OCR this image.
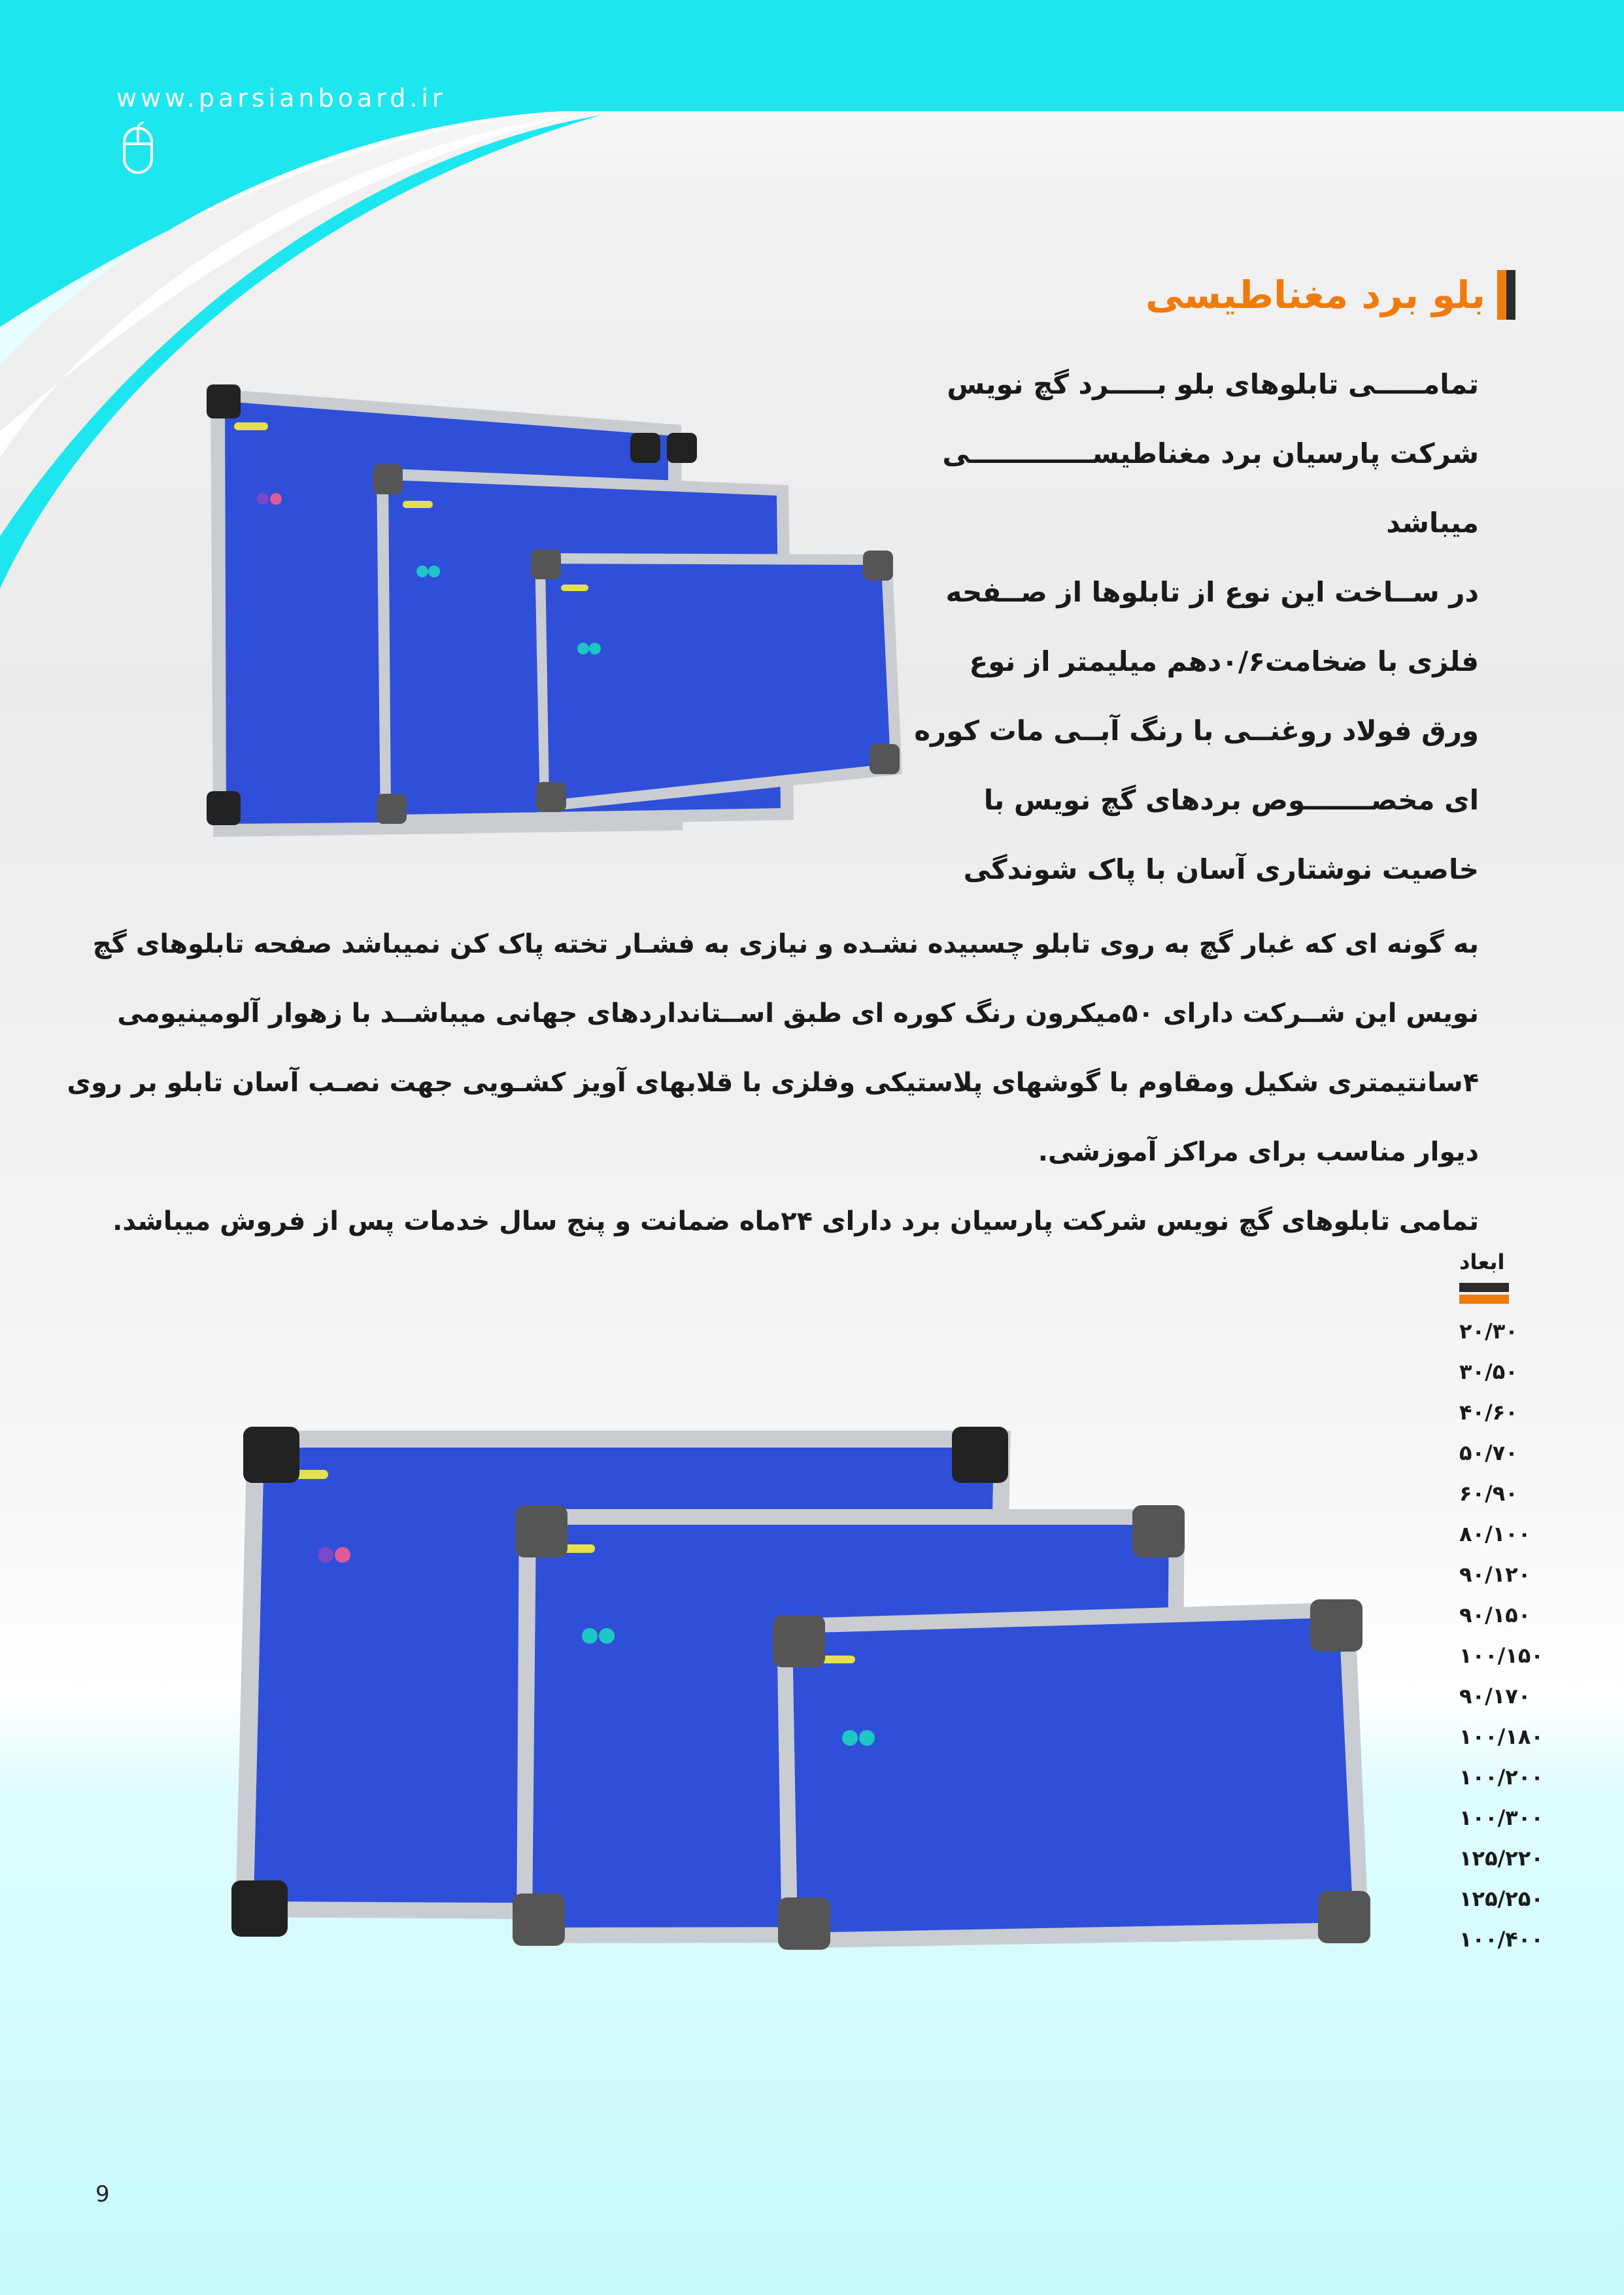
www.parsianboard.ir
بلو برد مغناطیسی
تمامـــــی تابلوهای بلو بـــــرد گچ نویس
شرکت پارسیان برد مغناطیســـــــــــــی
میباشد
در ســاخت این نوع از تابلوها از صــفحه
فلزی با ضخامت۰/۶دهم میلیمتر از نوع
ورق فولاد روغنــی با رنگ آبــی مات کوره
ای مخصـــــــوص بردهای گچ نویس با
خاصیت نوشتاری آسان با پاک شوندگی
به گونه ای که غبار گچ به روی تابلو چسبیده نشـده و نیازی به فشـار تخته پاک کن نمیباشد صفحه تابلوهای گچ
نویس این شــرکت دارای ۵۰میکرون رنگ کوره ای طبق اســتانداردهای جهانی میباشــد با زهوار آلومینیومی
۴سانتیمتری شکیل ومقاوم با گوشهای پلاستیکی وفلزی با قلابهای آویز کشـویی جهت نصـب آسان تابلو بر روی
دیوار مناسب برای مراکز آموزشی.
تمامی تابلوهای گچ نویس شرکت پارسیان برد دارای ۲۴ماه ضمانت و پنج سال خدمات پس از فروش میباشد.
ابعاد
۲۰/۳۰
۳۰/۵۰
۴۰/۶۰
۵۰/۷۰
۶۰/۹۰
۸۰/۱۰۰
۹۰/۱۲۰
۹۰/۱۵۰
۱۰۰/۱۵۰
۹۰/۱۷۰
۱۰۰/۱۸۰
۱۰۰/۲۰۰
۱۰۰/۳۰۰
۱۲۵/۲۲۰
۱۲۵/۲۵۰
۱۰۰/۴۰۰
9
